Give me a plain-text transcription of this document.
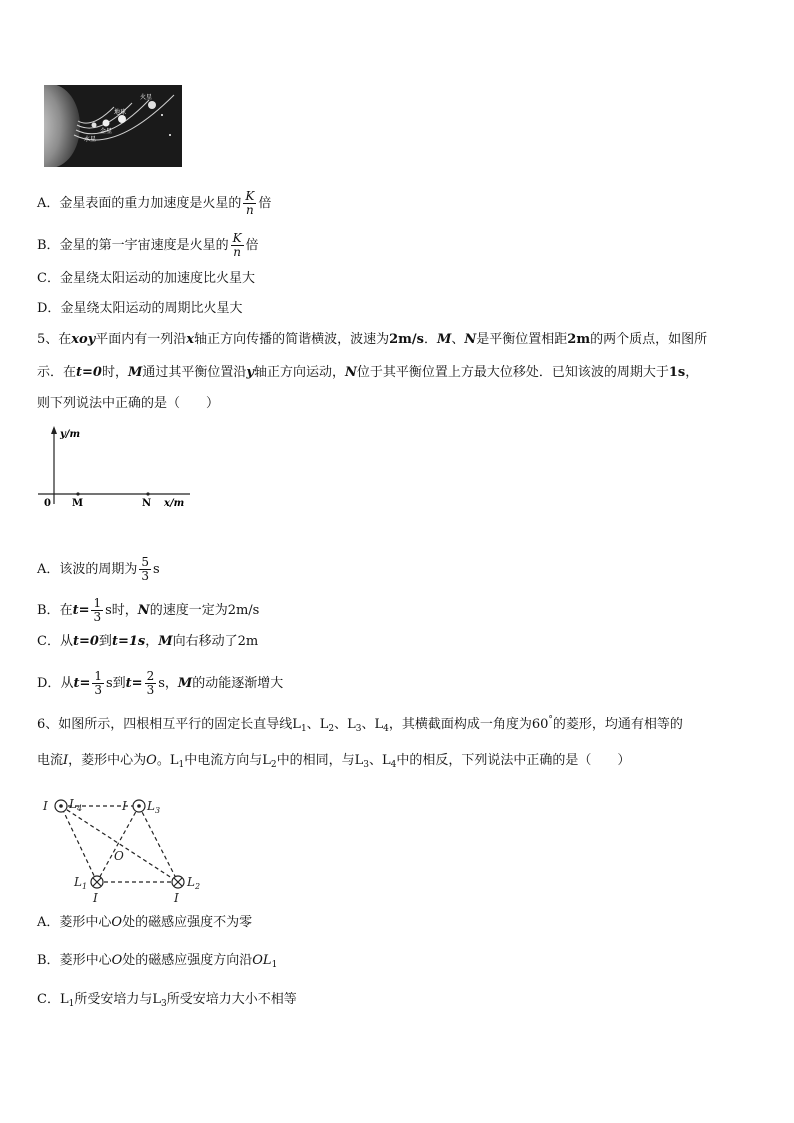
火星
地球
金星
水星
A．金星表面的重力加速度是火星的 $\frac{K}{n}$ 倍
B．金星的第一宇宙速度是火星的 $\frac{K}{n}$ 倍
C．金星绕太阳运动的加速度比火星大
D．金星绕太阳运动的周期比火星大
5、在xoy平面内有一列沿x轴正方向传播的简谐横波，波速为2m/s．M、N是平衡位置相距2m的两个质点，如图所
示．在t=0时，M通过其平衡位置沿y轴正方向运动，N位于其平衡位置上方最大位移处．已知该波的周期大于1s，
则下列说法中正确的是（　　）
y/m
0 M	N x/m
A．该波的周期为 $\frac{5}{3}$ s
B．在$t= \frac{1}{3}$ s时，N的速度一定为2m/s
C．从t=0到t=1s，M向右移动了2m
D．从$t= \frac{1}{3}$ s到$t= \frac{2}{3}$ s，M的动能逐渐增大
6、如图所示，四根相互平行的固定长直导线$L_1$、$L_2$、$L_3$、$L_4$，其横截面构成一角度为60°的菱形，均通有相等的
电流I，菱形中心为O。$L_1$中电流方向与$L_2$中的相同，与$L_3$、$L_4$中的相反，下列说法中正确的是（　　）
I $L_4$	I $L_3$
O
$L_1$
I
$L_2$
I
A．菱形中心O处的磁感应强度不为零
B．菱形中心O处的磁感应强度方向沿$OL_1$
C．$L_1$所受安培力与$L_3$所受安培力大小不相等
